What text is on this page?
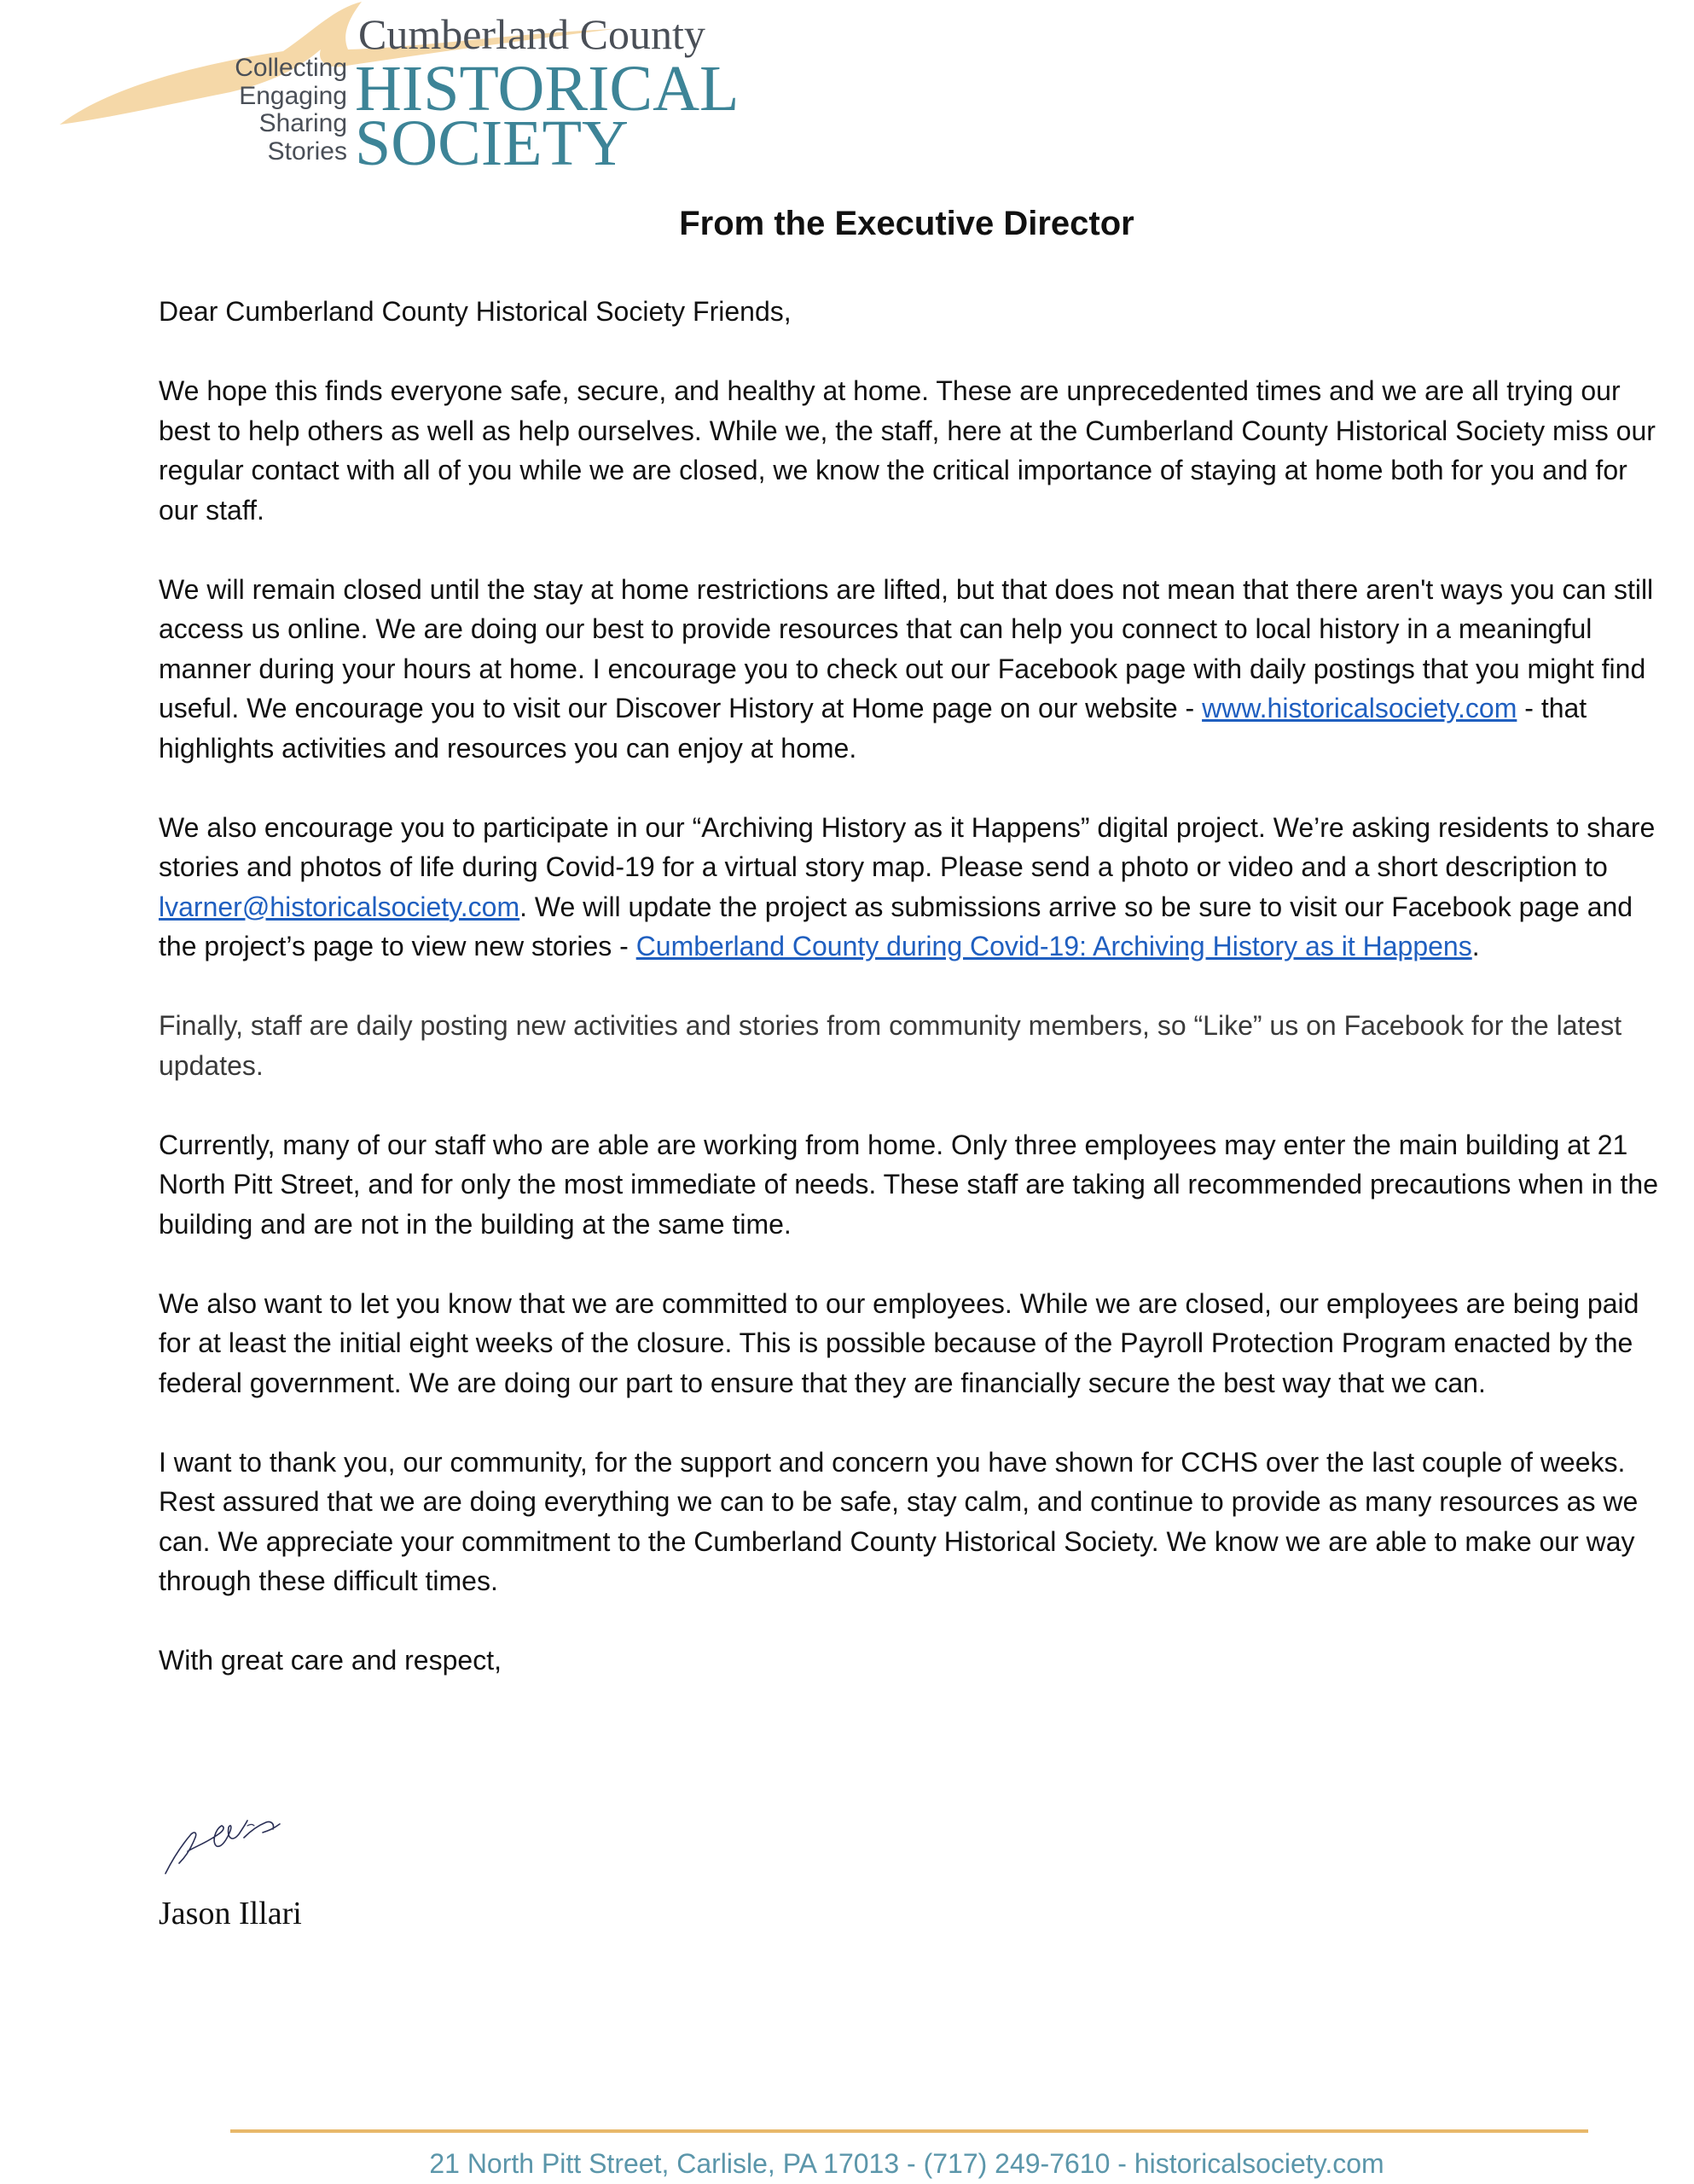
Collecting
Engaging
Sharing
Stories
Cumberland County
HISTORICAL
SOCIETY
From the Executive Director

Dear Cumberland County Historical Society Friends,

We hope this finds everyone safe, secure, and healthy at home. These are unprecedented times and we are all trying our best to help others as well as help ourselves. While we, the staff, here at the Cumberland County Historical Society miss our regular contact with all of you while we are closed, we know the critical importance of staying at home both for you and for our staff.

We will remain closed until the stay at home restrictions are lifted, but that does not mean that there aren't ways you can still access us online. We are doing our best to provide resources that can help you connect to local history in a meaningful manner during your hours at home. I encourage you to check out our Facebook page with daily postings that you might find useful. We encourage you to visit our Discover History at Home page on our website - www.historicalsociety.com - that highlights activities and resources you can enjoy at home.

We also encourage you to participate in our “Archiving History as it Happens” digital project. We’re asking residents to share stories and photos of life during Covid-19 for a virtual story map. Please send a photo or video and a short description to lvarner@historicalsociety.com. We will update the project as submissions arrive so be sure to visit our Facebook page and the project’s page to view new stories - Cumberland County during Covid-19: Archiving History as it Happens.

Finally, staff are daily posting new activities and stories from community members, so “Like” us on Facebook for the latest updates.

Currently, many of our staff who are able are working from home. Only three employees may enter the main building at 21 North Pitt Street, and for only the most immediate of needs. These staff are taking all recommended precautions when in the building and are not in the building at the same time.

We also want to let you know that we are committed to our employees. While we are closed, our employees are being paid for at least the initial eight weeks of the closure. This is possible because of the Payroll Protection Program enacted by the federal government. We are doing our part to ensure that they are financially secure the best way that we can.

I want to thank you, our community, for the support and concern you have shown for CCHS over the last couple of weeks. Rest assured that we are doing everything we can to be safe, stay calm, and continue to provide as many resources as we can. We appreciate your commitment to the Cumberland County Historical Society. We know we are able to make our way through these difficult times.

With great care and respect,

Jason Illari
21 North Pitt Street, Carlisle, PA 17013 - (717) 249-7610 - historicalsociety.com
